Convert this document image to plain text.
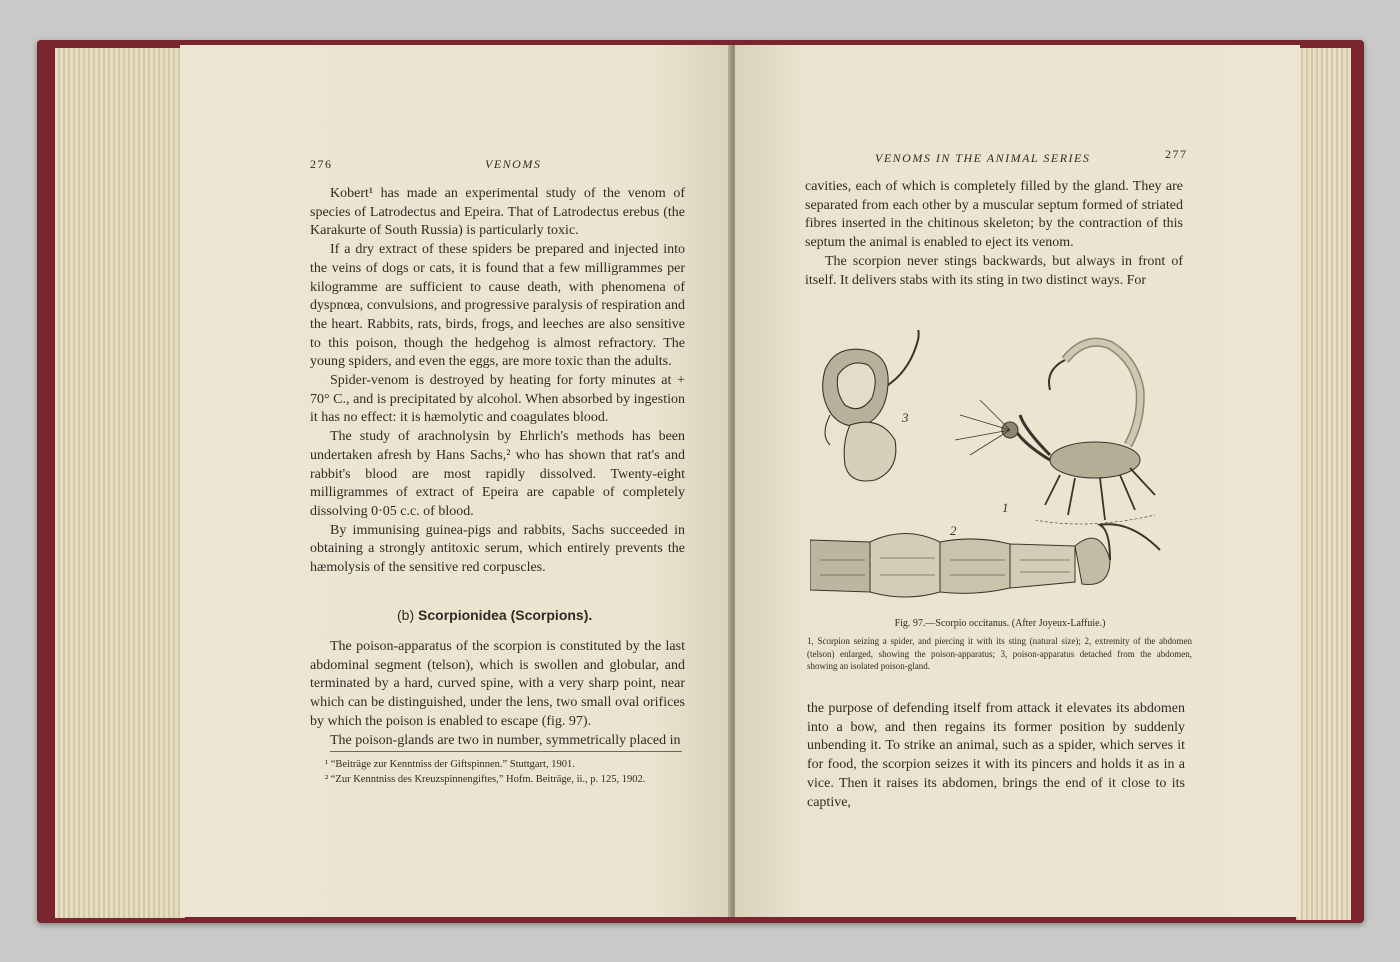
276	VENOMS

Kobert¹ has made an experimental study of the venom of species of Latrodectus and Epeira. That of Latrodectus erebus (the Karakurte of South Russia) is particularly toxic.

If a dry extract of these spiders be prepared and injected into the veins of dogs or cats, it is found that a few milligrammes per kilogramme are sufficient to cause death, with phenomena of dyspnœa, convulsions, and progressive paralysis of respiration and the heart. Rabbits, rats, birds, frogs, and leeches are also sensitive to this poison, though the hedgehog is almost refractory. The young spiders, and even the eggs, are more toxic than the adults.

Spider-venom is destroyed by heating for forty minutes at + 70° C., and is precipitated by alcohol. When absorbed by ingestion it has no effect: it is hæmolytic and coagulates blood.

The study of arachnolysin by Ehrlich's methods has been undertaken afresh by Hans Sachs,² who has shown that rat's and rabbit's blood are most rapidly dissolved. Twenty-eight milligrammes of extract of Epeira are capable of completely dissolving 0·05 c.c. of blood.

By immunising guinea-pigs and rabbits, Sachs succeeded in obtaining a strongly antitoxic serum, which entirely prevents the hæmolysis of the sensitive red corpuscles.

(b) Scorpionidea (Scorpions).

The poison-apparatus of the scorpion is constituted by the last abdominal segment (telson), which is swollen and globular, and terminated by a hard, curved spine, with a very sharp point, near which can be distinguished, under the lens, two small oval orifices by which the poison is enabled to escape (fig. 97).

The poison-glands are two in number, symmetrically placed in

¹ “Beiträge zur Kenntniss der Giftspinnen.” Stuttgart, 1901.
² “Zur Kenntniss des Kreuzspinnengiftes,” Hofm. Beiträge, ii., p. 125, 1902.
VENOMS IN THE ANIMAL SERIES	277

cavities, each of which is completely filled by the gland. They are separated from each other by a muscular septum formed of striated fibres inserted in the chitinous skeleton; by the contraction of this septum the animal is enabled to eject its venom.

The scorpion never stings backwards, but always in front of itself. It delivers stabs with its sting in two distinct ways. For

3
1
2
Fig. 97.—Scorpio occitanus. (After Joyeux-Laffuie.)
1, Scorpion seizing a spider, and piercing it with its sting (natural size); 2, extremity of the abdomen (telson) enlarged, showing the poison-apparatus; 3, poison-apparatus detached from the abdomen, showing an isolated poison-gland.

the purpose of defending itself from attack it elevates its abdomen into a bow, and then regains its former position by suddenly unbending it. To strike an animal, such as a spider, which serves it for food, the scorpion seizes it with its pincers and holds it as in a vice. Then it raises its abdomen, brings the end of it close to its captive,
